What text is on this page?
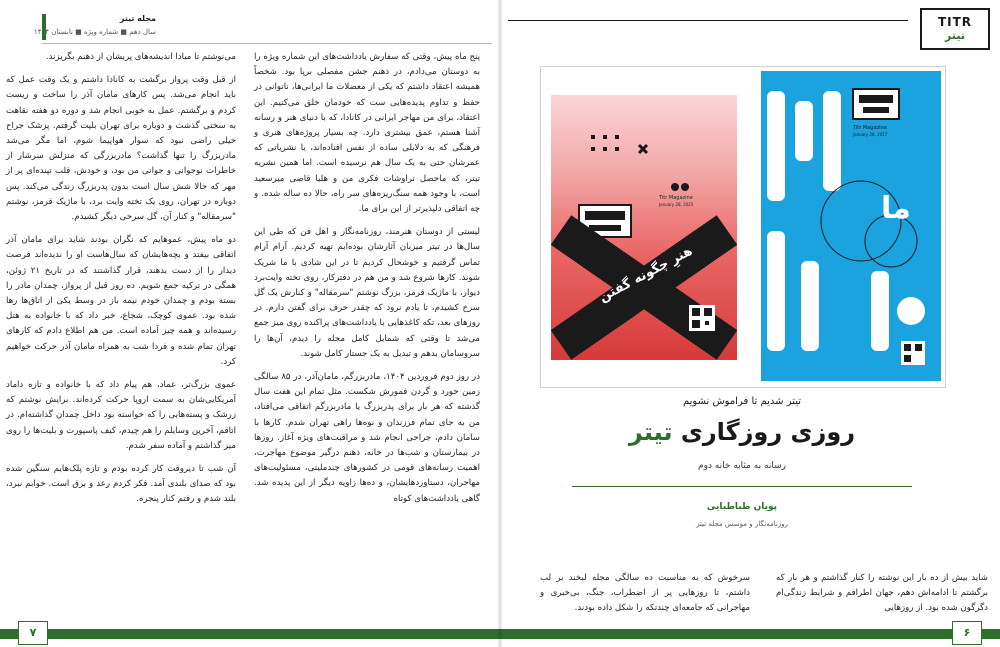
مجله تیتر
سال دهم ■ شماره ویژه ■ تابستان ۱۴۰۴

پنج ماه پیش، وقتی که سفارش یادداشت‌های این شماره ویژه را به دوستان می‌دادم، در ذهنم جشن مفصلی برپا بود. شخصاً همیشه اعتقاد داشتم که یکی از معضلات ما ایرانی‌ها، ناتوانی در حفظ و تداوم پدیده‌هایی ست که خودمان خلق می‌کنیم. این اعتقاد، برای من مهاجر ایرانی در کانادا، که با دنیای هنر و رسانه آشنا هستم، عمق بیشتری دارد. چه بسیار پروژه‌های هنری و فرهنگی که به دلایلی ساده از نفس افتاده‌اند، یا نشریاتی که عمرشان حتی به یک سال هم نرسیده است. اما همین نشریه تیتر، که ماحصل تراوشات فکری من و هلیا قاضی میرسعید است، با وجود همه سنگ‌ریزه‌های سر راه، حالا ده ساله شده. و چه اتفاقی دلپذیرتر از این برای ما.

لیستی از دوستان هنرمند، روزنامه‌نگار و اهل فن که طی این سال‌ها در تیتر میزبان آثارشان بوده‌ایم تهیه کردیم. آرام آرام تماس گرفتیم و خوشحال کردیم تا در این شادی با ما شریک شوند. کارها شروع شد و من هم در دفترکار، روی تخته وایت‌برد دیوار، با ماژیک قرمز، بزرگ نوشتم "سرمقاله" و کنارش یک گل سرخ کشیدم، تا یادم نرود که چقدر حرف برای گفتن دارم. در روزهای بعد، تکه کاغذهایی با یادداشت‌های پراکنده روی میز جمع می‌شد تا وقتی که شمایل کامل مجله را دیدم، آن‌ها را سروسامان بدهم و تبدیل به یک جستار کامل شوند.

در روز دوم فروردین ۱۴۰۴، مادربزرگم، مامان‌آذر، در ۸۵ سالگی زمین خورد و گردن فمورش شکست. مثل تمام این هفت سال گذشته که هر بار برای پدربزرگ یا مادربزرگم اتفاقی می‌افتاد، من به جای تمام فرزندان و نوه‌ها راهی تهران شدم. کارها با سامان دادم، جراحی انجام شد و مراقبت‌های ویژه آغاز. روزها در بیمارستان و شب‌ها در خانه، ذهنم درگیر موضوع مهاجرت، اهمیت رسانه‌های قومی در کشورهای چندملیتی، مسئولیت‌های مهاجران، دستاوردهایشان، و ده‌ها زاویه دیگر از این پدیده شد. گاهی یادداشت‌های کوتاه

می‌نوشتم تا مبادا اندیشه‌های پریشان از ذهنم بگریزند.

از قبل وقت پرواز برگشت به کانادا داشتم و یک وقت عمل که باید انجام می‌شد. پس کارهای مامان آذر را ساخت و ریست کردم و برگشتم. عمل به خوبی انجام شد و دوره دو هفته نقاهت به سختی گذشت و دوباره برای تهران بلیت گرفتم. پزشک جراح خیلی راضی نبود که سوار هواپیما شوم، اما مگر می‌شد مادربزرگ را تنها گذاشت؟ مادربزرگی که منزلش سرشار از خاطرات نوجوانی و جوانی من بود، و خودش، قلب تپنده‌ای پر از مهر که حالا شش سال است بدون پدربزرگ زندگی می‌کند. پس دوباره در تهران، روی یک تخته وایت برد، با ماژیک قرمز، نوشتم "سرمقاله" و کنار آن، گل سرخی دیگر کشیدم.

دو ماه پیش، عموهایم که نگران بودند شاید برای مامان آذر اتفاقی بیفتد و بچه‌هایشان که سال‌هاست او را ندیده‌اند فرصت دیدار را از دست بدهند، قرار گذاشتند که در تاریخ ۲۱ ژوئن، همگی در ترکیه جمع شویم. ده روز قبل از پرواز، چمدان مادر را بسته بودم و چمدان خودم نیمه باز در وسط یکی از اتاق‌ها رها شده بود. عموی کوچک، شجاع، خبر داد که با خانواده به هتل رسیده‌اند و همه چیز آماده است. من هم اطلاع دادم که کارهای تهران تمام شده و فردا شب به همراه مامان آذر حرکت خواهیم کرد.

عموی بزرگ‌تر، عماد، هم پیام داد که با خانواده و تازه داماد آمریکایی‌شان به سمت اروپا حرکت کرده‌اند. برایش نوشتم که زرشک و پسته‌هایی را که خواسته بود داخل چمدان گذاشته‌ام. در اتاقم، آخرین وسایلم را هم چیدم، کیف پاسپورت و بلیت‌ها را روی میز گذاشتم و آماده سفر شدم.

آن شب تا دیروقت کار کرده بودم و تازه پلک‌هایم سنگین شده بود که صدای بلندی آمد. فکر کردم رعد و برق است. خوابم نبرد، بلند شدم و رفتم کنار پنجره.

۷
TITR
تیتر
هنرِ چگونه گفتن
Titr Magazine
January 28, 2025
Titr Magazine
January 28, 2017
ما
تیتر شدیم تا فراموش نشویم
روزی روزگاری تیتر
رسانه به مثابه خانه دوم
پویان طباطبایی
روزنامه‌نگار و موسس مجله تیتر
شاید بیش از ده بار این نوشته را کنار گذاشتم و هر بار که برگشتم تا ادامه‌اش دهم، جهان اطرافم و شرایط زندگی‌ام دگرگون شده بود. از روزهایی
سرخوش که به مناسبت ده سالگی مجله لبخند بر لب داشتم، تا روزهایی پر از اضطراب، جنگ، بی‌خبری و مهاجرانی که جامعه‌ای چندتکه را شکل داده بودند.
۶
